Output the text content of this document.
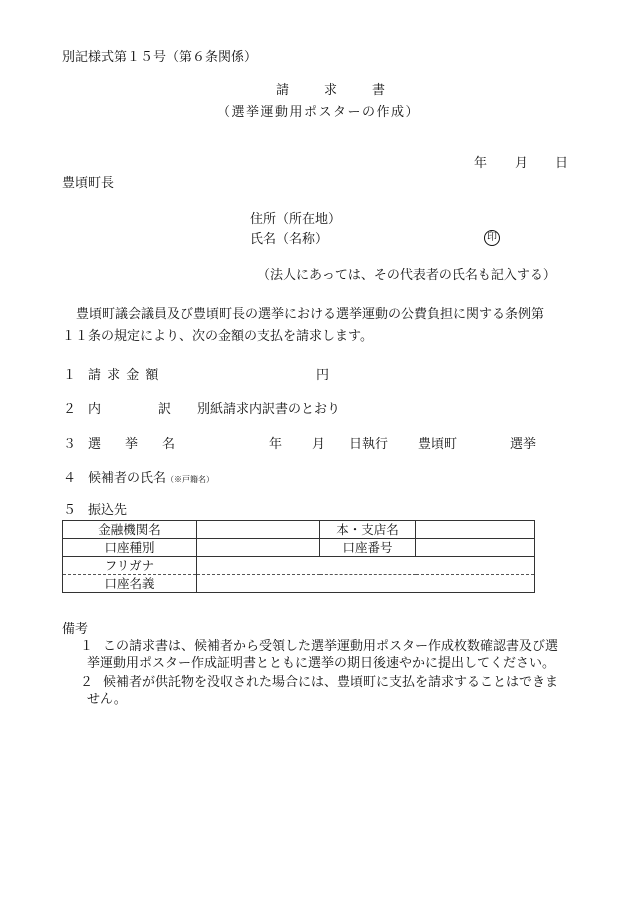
別記様式第１５号（第６条関係）
請	求	書
（選挙運動用ポスターの作成）
年 月 日
豊頃町長
住所（所在地）
氏名（名称）	印
（法人にあっては、その代表者の氏名も記入する）
豊頃町議会議員及び豊頃町長の選挙における選挙運動の公費負担に関する条例第
１１条の規定により、次の金額の支払を請求します。
１ 請 求 金 額	円
２ 内	訳 別紙請求内訳書のとおり
３ 選 挙 名	年 月 日執行 豊頃町	選挙
４ 候補者の氏名（※戸籍名）
５ 振込先
金融機関名		本・支店名	
口座種別		口座番号	
フリガナ			
口座名義			
備考
１ この請求書は、候補者から受領した選挙運動用ポスター作成枚数確認書及び選
挙運動用ポスター作成証明書とともに選挙の期日後速やかに提出してください。
２ 候補者が供託物を没収された場合には、豊頃町に支払を請求することはできま
せん。
